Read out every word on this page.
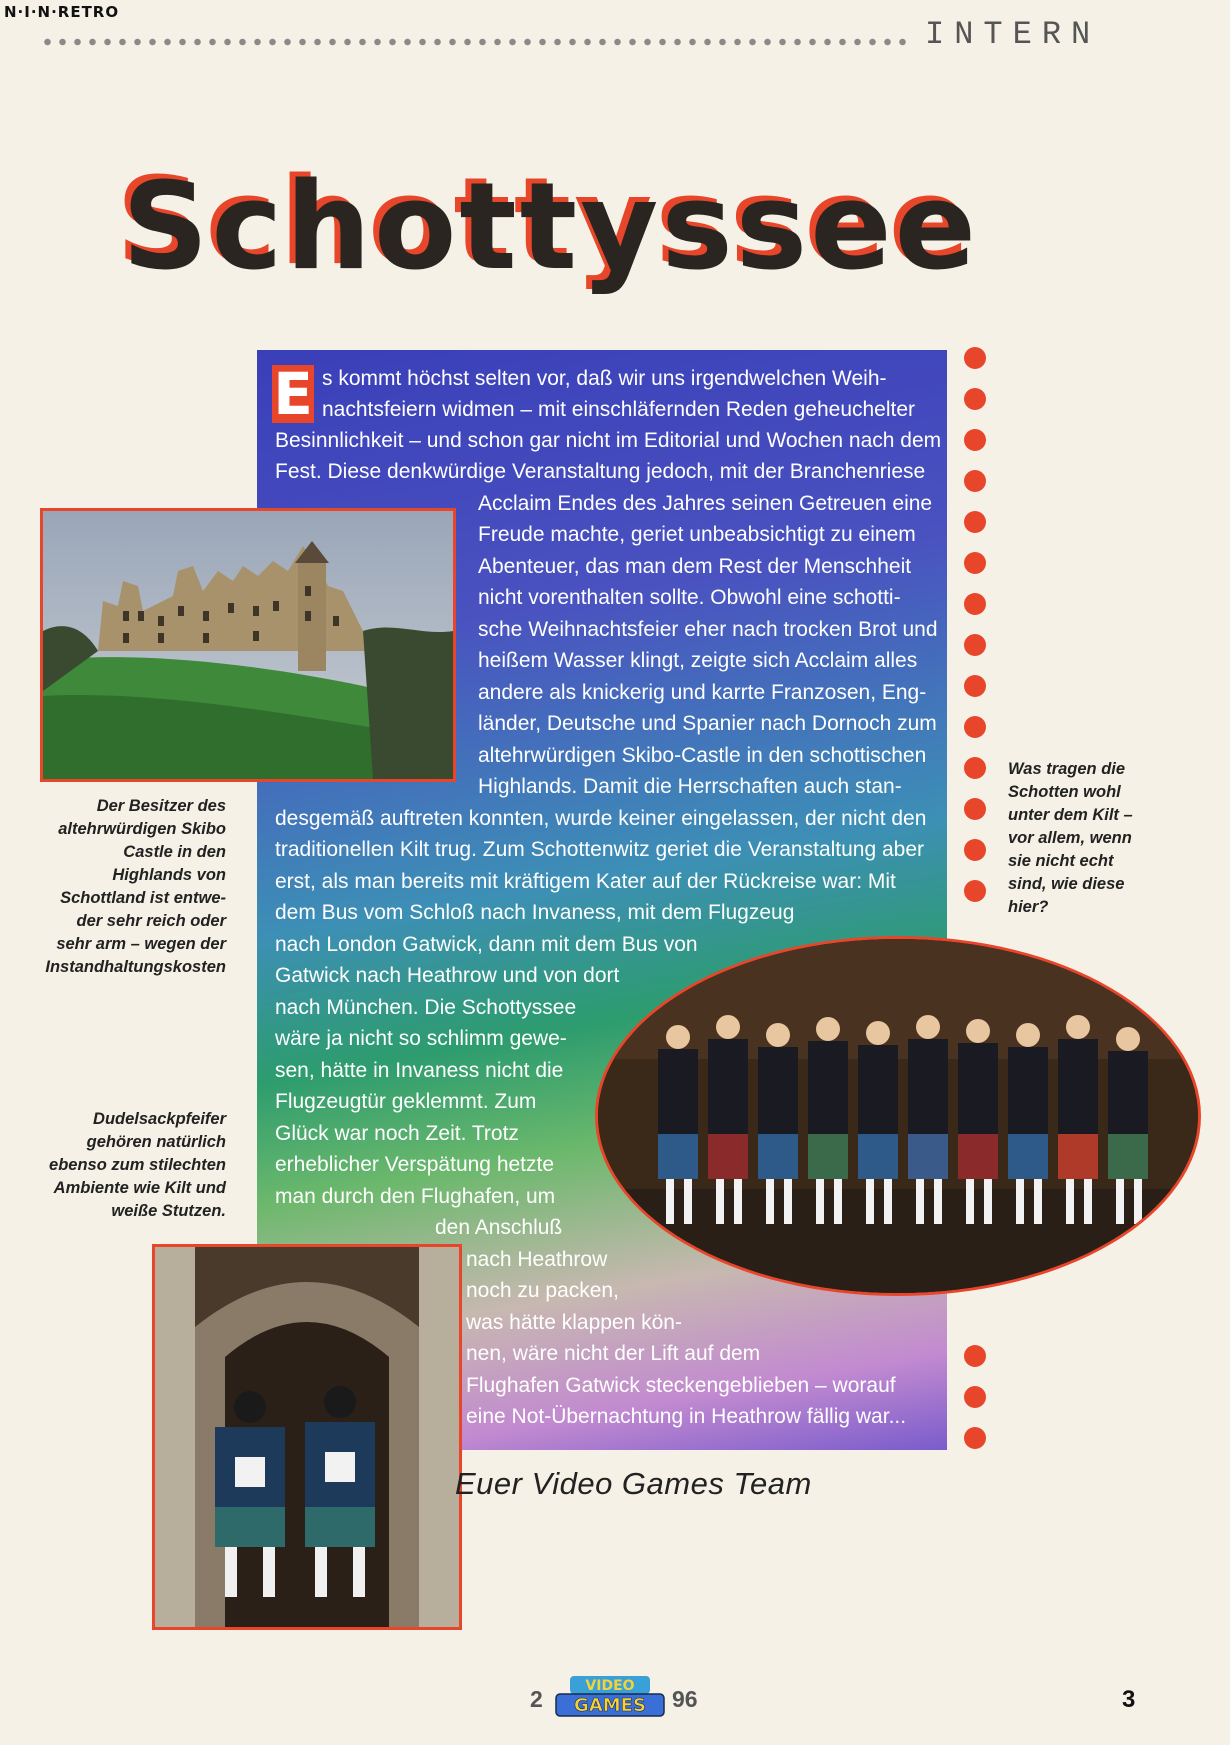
N·I·N·RETRO
INTERN
Schottyssee
E s kommt höchst selten vor, daß wir uns irgendwelchen Weih-
nachtsfeiern widmen – mit einschläfernden Reden geheuchelter
Besinnlichkeit – und schon gar nicht im Editorial und Wochen nach dem
Fest. Diese denkwürdige Veranstaltung jedoch, mit der Branchenriese
Acclaim Endes des Jahres seinen Getreuen eine
Freude machte, geriet unbeabsichtigt zu einem
Abenteuer, das man dem Rest der Menschheit
nicht vorenthalten sollte. Obwohl eine schotti-
sche Weihnachtsfeier eher nach trocken Brot und
heißem Wasser klingt, zeigte sich Acclaim alles
andere als knickerig und karrte Franzosen, Eng-
länder, Deutsche und Spanier nach Dornoch zum
altehrwürdigen Skibo-Castle in den schottischen
Highlands. Damit die Herrschaften auch stan-
desgemäß auftreten konnten, wurde keiner eingelassen, der nicht den
traditionellen Kilt trug. Zum Schottenwitz geriet die Veranstaltung aber
erst, als man bereits mit kräftigem Kater auf der Rückreise war: Mit
dem Bus vom Schloß nach Invaness, mit dem Flugzeug
nach London Gatwick, dann mit dem Bus von
Gatwick nach Heathrow und von dort
nach München. Die Schottyssee
wäre ja nicht so schlimm gewe-
sen, hätte in Invaness nicht die
Flugzeugtür geklemmt. Zum
Glück war noch Zeit. Trotz
erheblicher Verspätung hetzte
man durch den Flughafen, um
den Anschluß
nach Heathrow
noch zu packen,
was hätte klappen kön-
nen, wäre nicht der Lift auf dem
Flughafen Gatwick steckengeblieben – worauf
eine Not-Übernachtung in Heathrow fällig war...
Der Besitzer des
altehrwürdigen Skibo
Castle in den
Highlands von
Schottland ist entwe-
der sehr reich oder
sehr arm – wegen der
Instandhaltungskosten
Was tragen die
Schotten wohl
unter dem Kilt –
vor allem, wenn
sie nicht echt
sind, wie diese
hier?
Dudelsackpfeifer
gehören natürlich
ebenso zum stilechten
Ambiente wie Kilt und
weiße Stutzen.
Euer Video Games Team
2	VIDEO
GAMES 96	3
